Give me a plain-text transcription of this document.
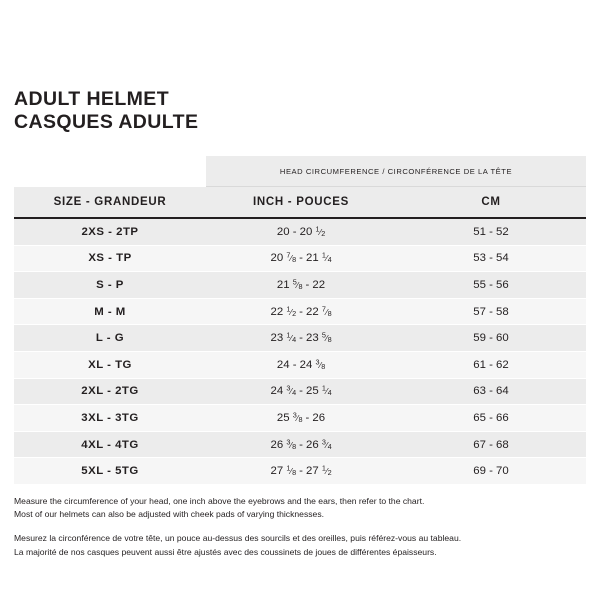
ADULT HELMET
CASQUES ADULTE
	HEAD CIRCUMFERENCE / CIRCONFÉRENCE DE LA TÊTE	
SIZE - GRANDEUR	INCH - POUCES	CM
2XS - 2TP	20 - 20 $^1⁄_2$	51 - 52
XS - TP	20 $^7⁄_8 - 21$ $^1⁄_4$	53 - 54
S - P	21 $^5⁄_8 - 22$	55 - 56
M - M	22 $^1⁄_2 - 22$ $^7⁄_8$	57 - 58
L - G	23 $^1⁄_4 - 23$ $^5⁄_8$	59 - 60
XL - TG	24 - 24 $^3⁄_8$	61 - 62
2XL - 2TG	24 $^3⁄_4 - 25$ $^1⁄_4$	63 - 64
3XL - 3TG	25 $^3⁄_8 - 26$	65 - 66
4XL - 4TG	26 $^3⁄_8 - 26$ $^3⁄_4$	67 - 68
5XL - 5TG	27 $^1⁄_8 - 27$ $^1⁄_2$	69 - 70
Measure the circumference of your head, one inch above the eyebrows and the ears, then refer to the chart.
Most of our helmets can also be adjusted with cheek pads of varying thicknesses.
Mesurez la circonférence de votre tête, un pouce au-dessus des sourcils et des oreilles, puis référez-vous au tableau.
La majorité de nos casques peuvent aussi être ajustés avec des coussinets de joues de différentes épaisseurs.
